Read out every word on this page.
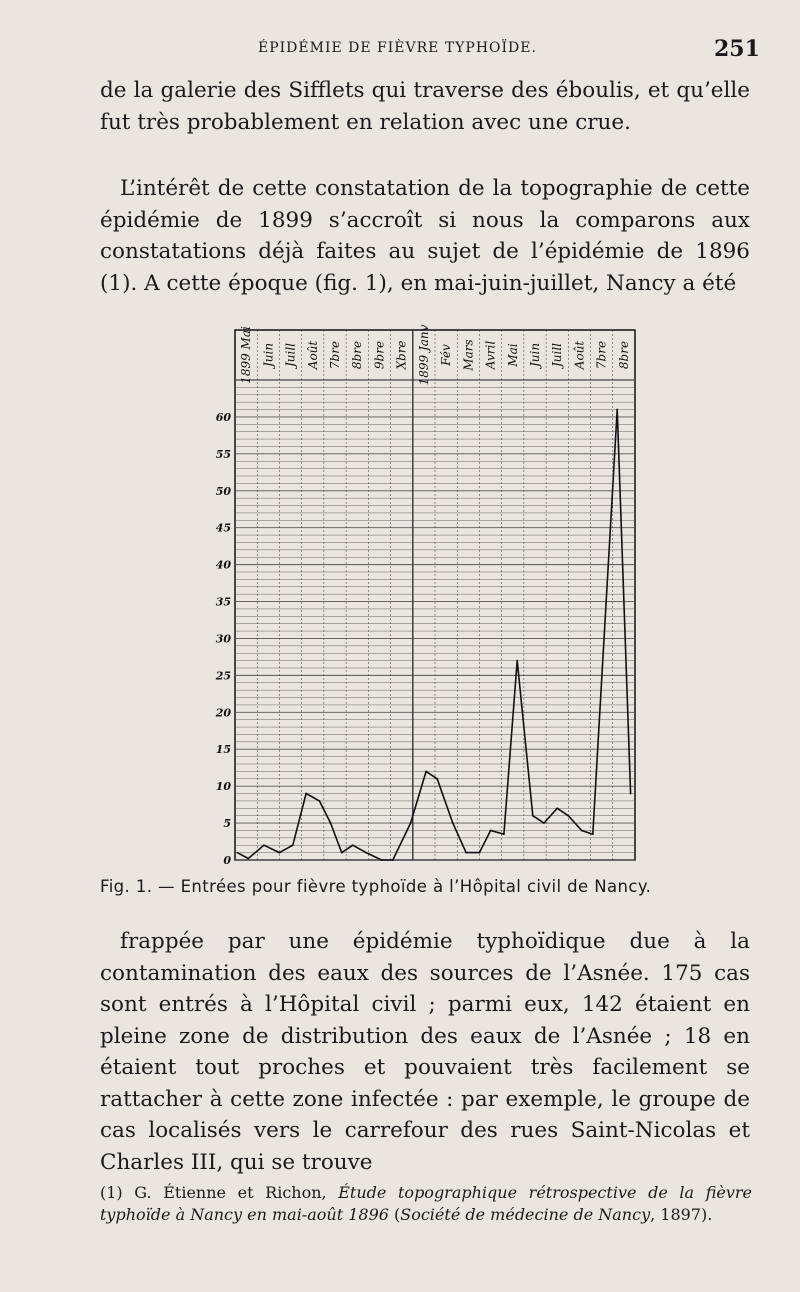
ÉPIDÉMIE DE FIÈVRE TYPHOÏDE.	251

de la galerie des Sifflets qui traverse des éboulis, et qu’elle fut très probablement en relation avec une crue.

L’intérêt de cette constatation de la topographie de cette épidémie de 1899 s’accroît si nous la comparons aux constatations déjà faites au sujet de l’épidémie de 1896 (1). A cette époque (fig. 1), en mai-juin-juillet, Nancy a été

1899 Mai Juin Juill Août 7bre 8bre 9bre Xbre 1899 Janv Fév Mars Avril Mai Juin Juill Août 7bre 8bre
0
5
10
15
20
25
30
35
40
45
50
55
60
Fig. 1. — Entrées pour fièvre typhoïde à l’Hôpital civil de Nancy.

frappée par une épidémie typhoïdique due à la contamination des eaux des sources de l’Asnée. 175 cas sont entrés à l’Hôpital civil ; parmi eux, 142 étaient en pleine zone de distribution des eaux de l’Asnée ; 18 en étaient tout proches et pouvaient très facilement se rattacher à cette zone infectée : par exemple, le groupe de cas localisés vers le carrefour des rues Saint-Nicolas et Charles III, qui se trouve

(1) G. Étienne et Richon, Étude topographique rétrospective de la fièvre typhoïde à Nancy en mai-août 1896 (Société de médecine de Nancy, 1897).
